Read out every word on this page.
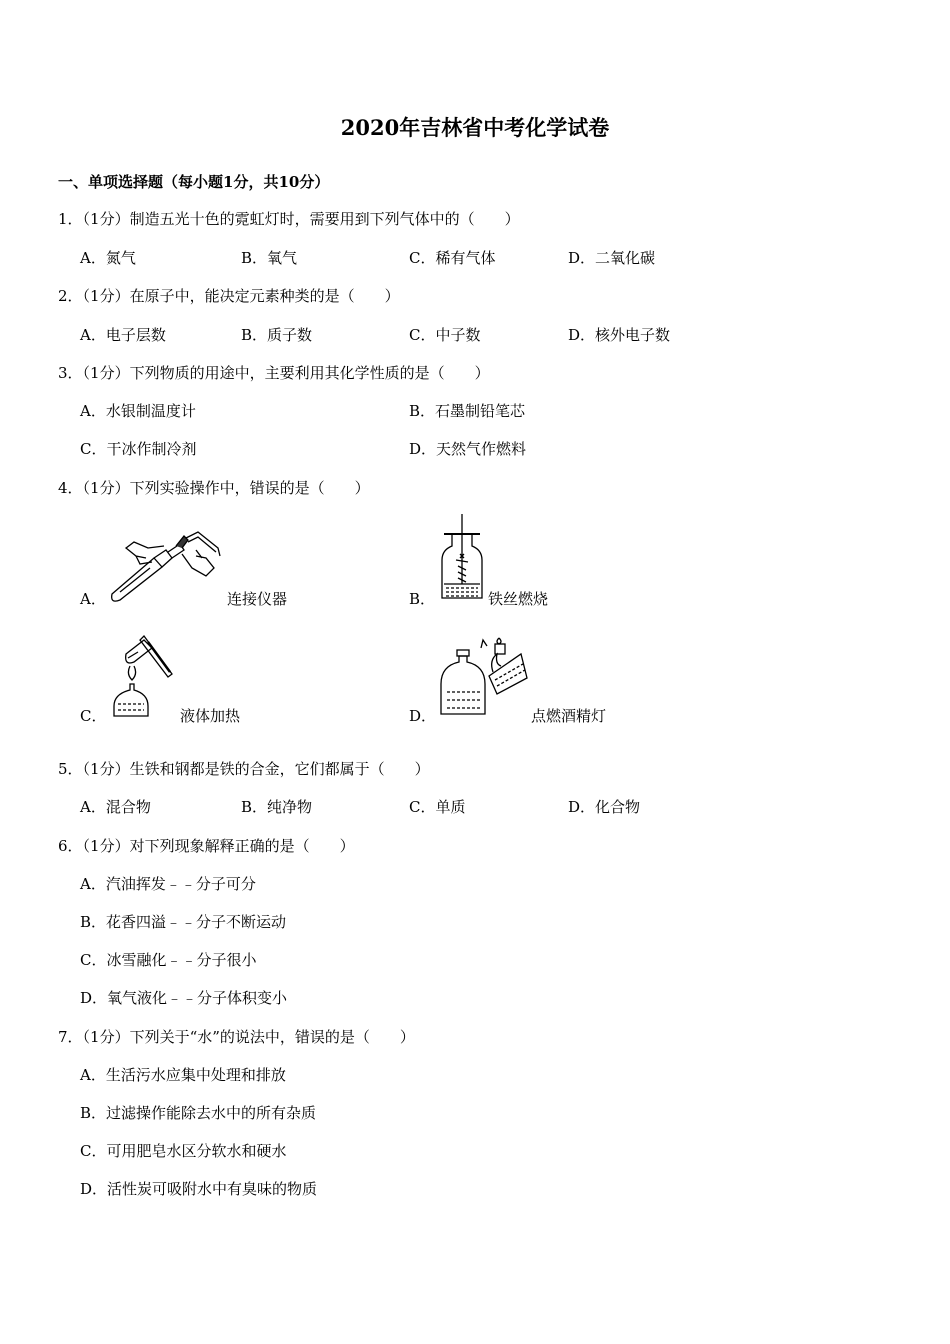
2020年吉林省中考化学试卷
一、单项选择题（每小题1分，共10分）
1．（1分）制造五光十色的霓虹灯时，需要用到下列气体中的（　　）
A．氮气	B．氧气	C．稀有气体	D．二氧化碳
2．（1分）在原子中，能决定元素种类的是（　　）
A．电子层数	B．质子数	C．中子数	D．核外电子数
3．（1分）下列物质的用途中，主要利用其化学性质的是（　　）
A．水银制温度计	B．石墨制铅笔芯
C．干冰作制冷剂	D．天然气作燃料
4．（1分）下列实验操作中，错误的是（　　）
A．	连接仪器	B．	铁丝燃烧
C．	液体加热	D．	点燃酒精灯
5．（1分）生铁和钢都是铁的合金，它们都属于（　　）
A．混合物	B．纯净物	C．单质	D．化合物
6．（1分）对下列现象解释正确的是（　　）
A．汽油挥发﹣﹣分子可分
B．花香四溢﹣﹣分子不断运动
C．冰雪融化﹣﹣分子很小
D．氧气液化﹣﹣分子体积变小
7．（1分）下列关于“水”的说法中，错误的是（　　）
A．生活污水应集中处理和排放
B．过滤操作能除去水中的所有杂质
C．可用肥皂水区分软水和硬水
D．活性炭可吸附水中有臭味的物质
